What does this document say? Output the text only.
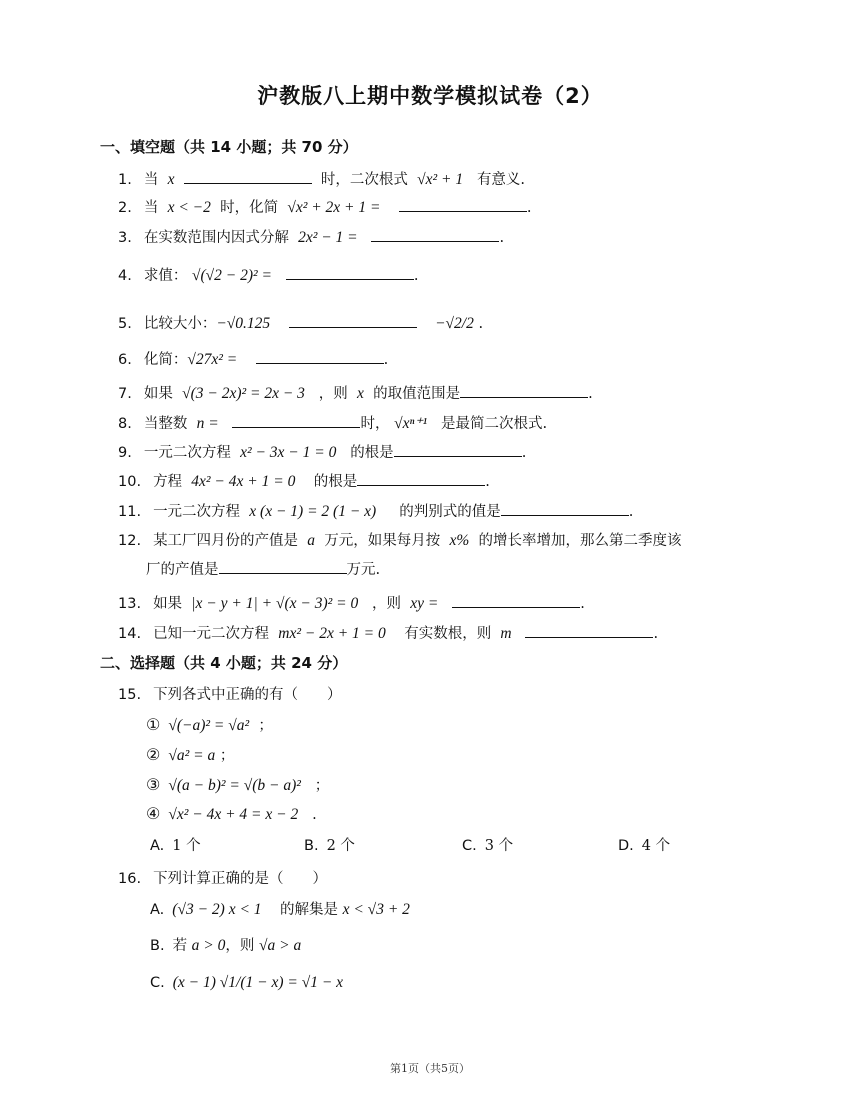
沪教版八上期中数学模拟试卷（2）
一、填空题（共 14 小题；共 70 分）
1. 当 x	时，二次根式 √x² + 1 有意义.
2. 当 x < −2 时，化简 √x² + 2x + 1 =	.
3. 在实数范围内因式分解 2x² − 1 =	.
4. 求值： √(√2 − 2)² =	.
5. 比较大小：−√0.125	−√2/2 .
6. 化简：√27x² =	.
7. 如果 √(3 − 2x)² = 2x − 3 ，则 x 的取值范围是	.
8. 当整数 n =	时， √xⁿ⁺¹ 是最简二次根式.
9. 一元二次方程 x² − 3x − 1 = 0 的根是	.
10. 方程 4x² − 4x + 1 = 0 的根是	.
11. 一元二次方程 x (x − 1) = 2 (1 − x) 的判别式的值是	.
12. 某工厂四月份的产值是 a 万元，如果每月按 x% 的增长率增加，那么第二季度该
厂的产值是	万元.
13. 如果 |x − y + 1| + √(x − 3)² = 0 ，则 xy =	.
14. 已知一元二次方程 mx² − 2x + 1 = 0 有实数根，则 m	.
二、选择题（共 4 小题；共 24 分）
15. 下列各式中正确的有（　　）
① √(−a)² = √a² ；
② √a² = a ；
③ √(a − b)² = √(b − a)² ；
④ √x² − 4x + 4 = x − 2 .
A. 1 个	B. 2 个	C. 3 个	D. 4 个
16. 下列计算正确的是（　　）
A. (√3 − 2) x < 1 的解集是 x < √3 + 2
B. 若 a > 0，则 √a > a
C. (x − 1) √1/(1 − x) = √1 − x
第1页（共5页）
